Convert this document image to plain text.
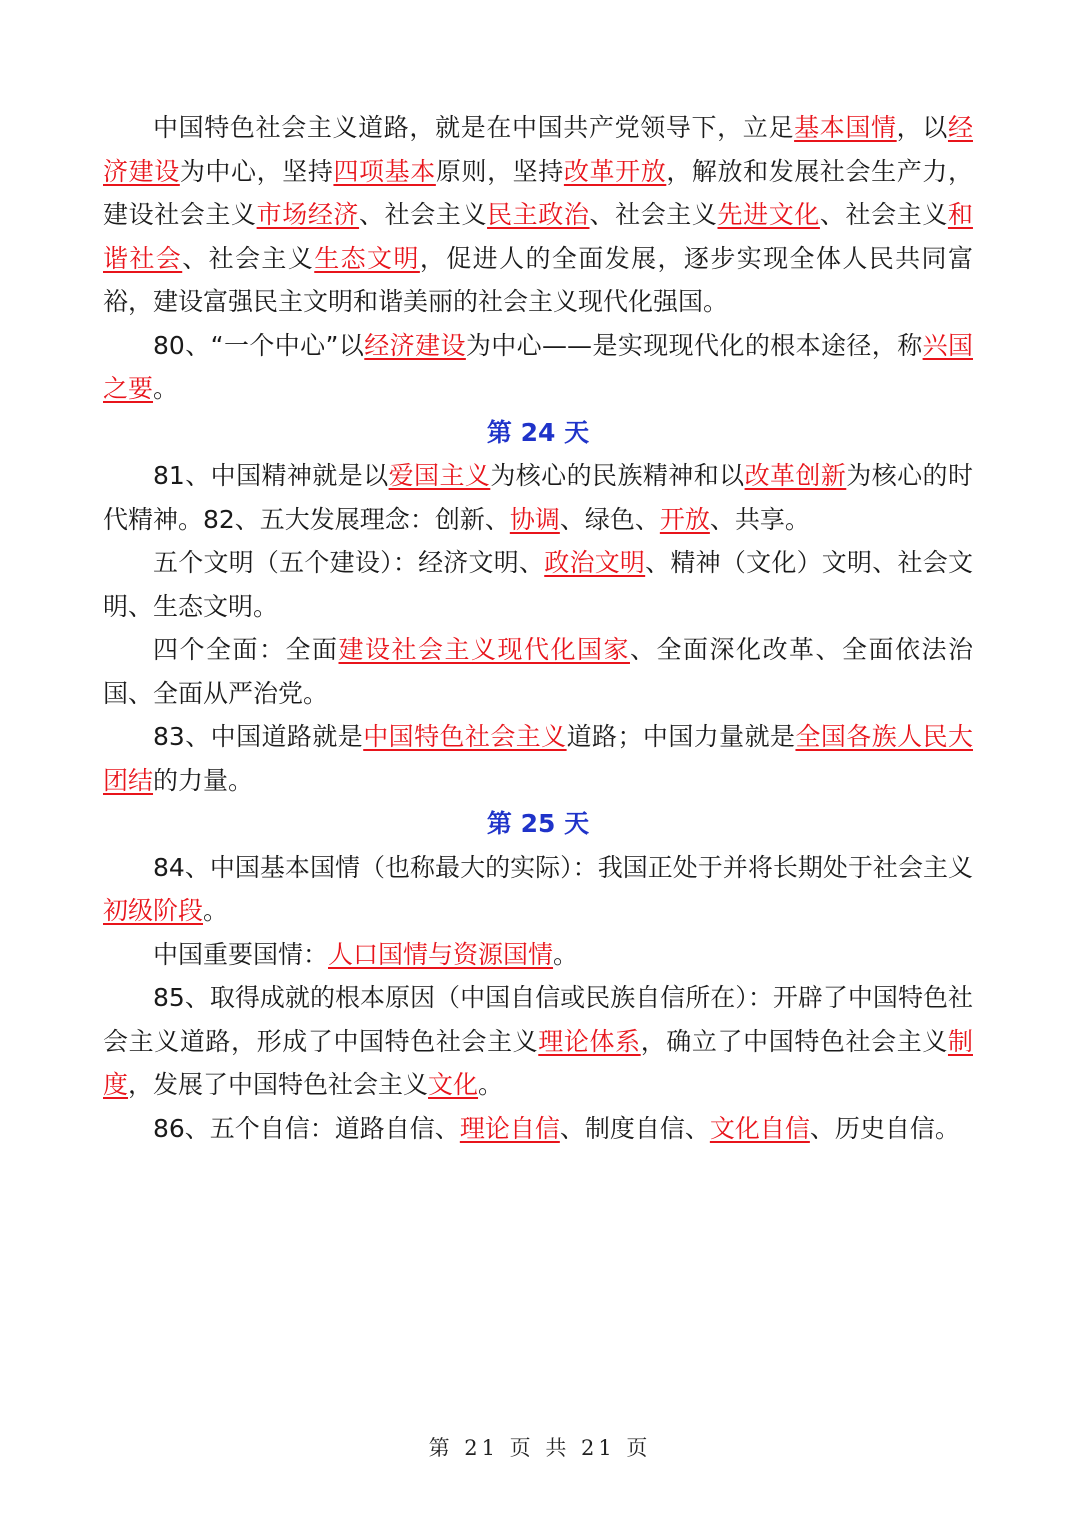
中国特色社会主义道路，就是在中国共产党领导下，立足基本国情，以经济建设为中心，坚持四项基本原则，坚持改革开放，解放和发展社会生产力，建设社会主义市场经济、社会主义民主政治、社会主义先进文化、社会主义和谐社会、社会主义生态文明，促进人的全面发展，逐步实现全体人民共同富裕，建设富强民主文明和谐美丽的社会主义现代化强国。

80、“一个中心”以经济建设为中心——是实现现代化的根本途径，称兴国之要。

第 24 天

81、中国精神就是以爱国主义为核心的民族精神和以改革创新为核心的时代精神。82、五大发展理念：创新、协调、绿色、开放、共享。

五个文明（五个建设）：经济文明、政治文明、精神（文化）文明、社会文明、生态文明。

四个全面：全面建设社会主义现代化国家、全面深化改革、全面依法治国、全面从严治党。

83、中国道路就是中国特色社会主义道路；中国力量就是全国各族人民大团结的力量。

第 25 天

84、中国基本国情（也称最大的实际）：我国正处于并将长期处于社会主义初级阶段。

中国重要国情：人口国情与资源国情。

85、取得成就的根本原因（中国自信或民族自信所在）：开辟了中国特色社会主义道路，形成了中国特色社会主义理论体系，确立了中国特色社会主义制度，发展了中国特色社会主义文化。

86、五个自信：道路自信、理论自信、制度自信、文化自信、历史自信。

第 21 页 共 21 页
